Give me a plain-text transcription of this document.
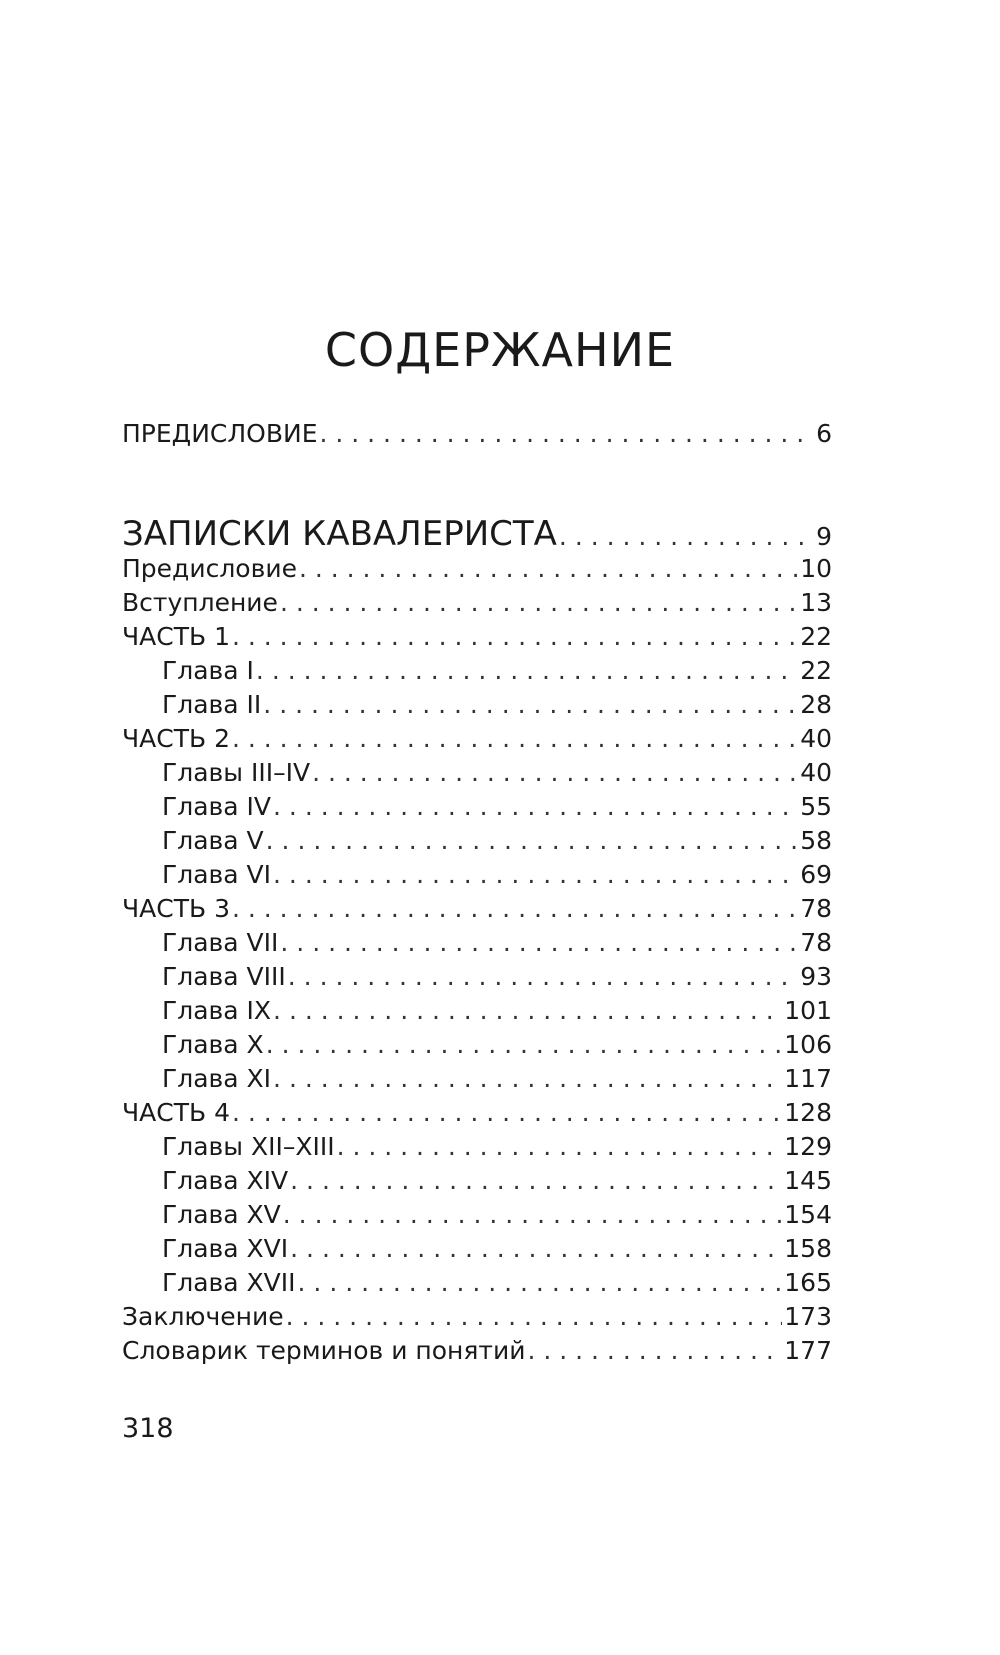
СОДЕРЖАНИЕ
ПРЕДИСЛОВИЕ . . .	6
ЗАПИСКИ КАВАЛЕРИСТА . . .	9
Предисловие . . .	10
Вступление . . .	13
ЧАСТЬ 1 . . .	22
Глава I . . .	22
Глава II . . .	28
ЧАСТЬ 2 . . .	40
Главы III–IV . . .	40
Глава IV . . .	55
Глава V . . .	58
Глава VI . . .	69
ЧАСТЬ 3 . . .	78
Глава VII . . .	78
Глава VIII . . .	93
Глава IX . . .	101
Глава X . . .	106
Глава XI . . .	117
ЧАСТЬ 4 . . .	128
Главы XII–XIII . . .	129
Глава XIV . . .	145
Глава XV . . .	154
Глава XVI . . .	158
Глава XVII . . .	165
Заключение . . .	173
Словарик терминов и понятий . . .	177
318
